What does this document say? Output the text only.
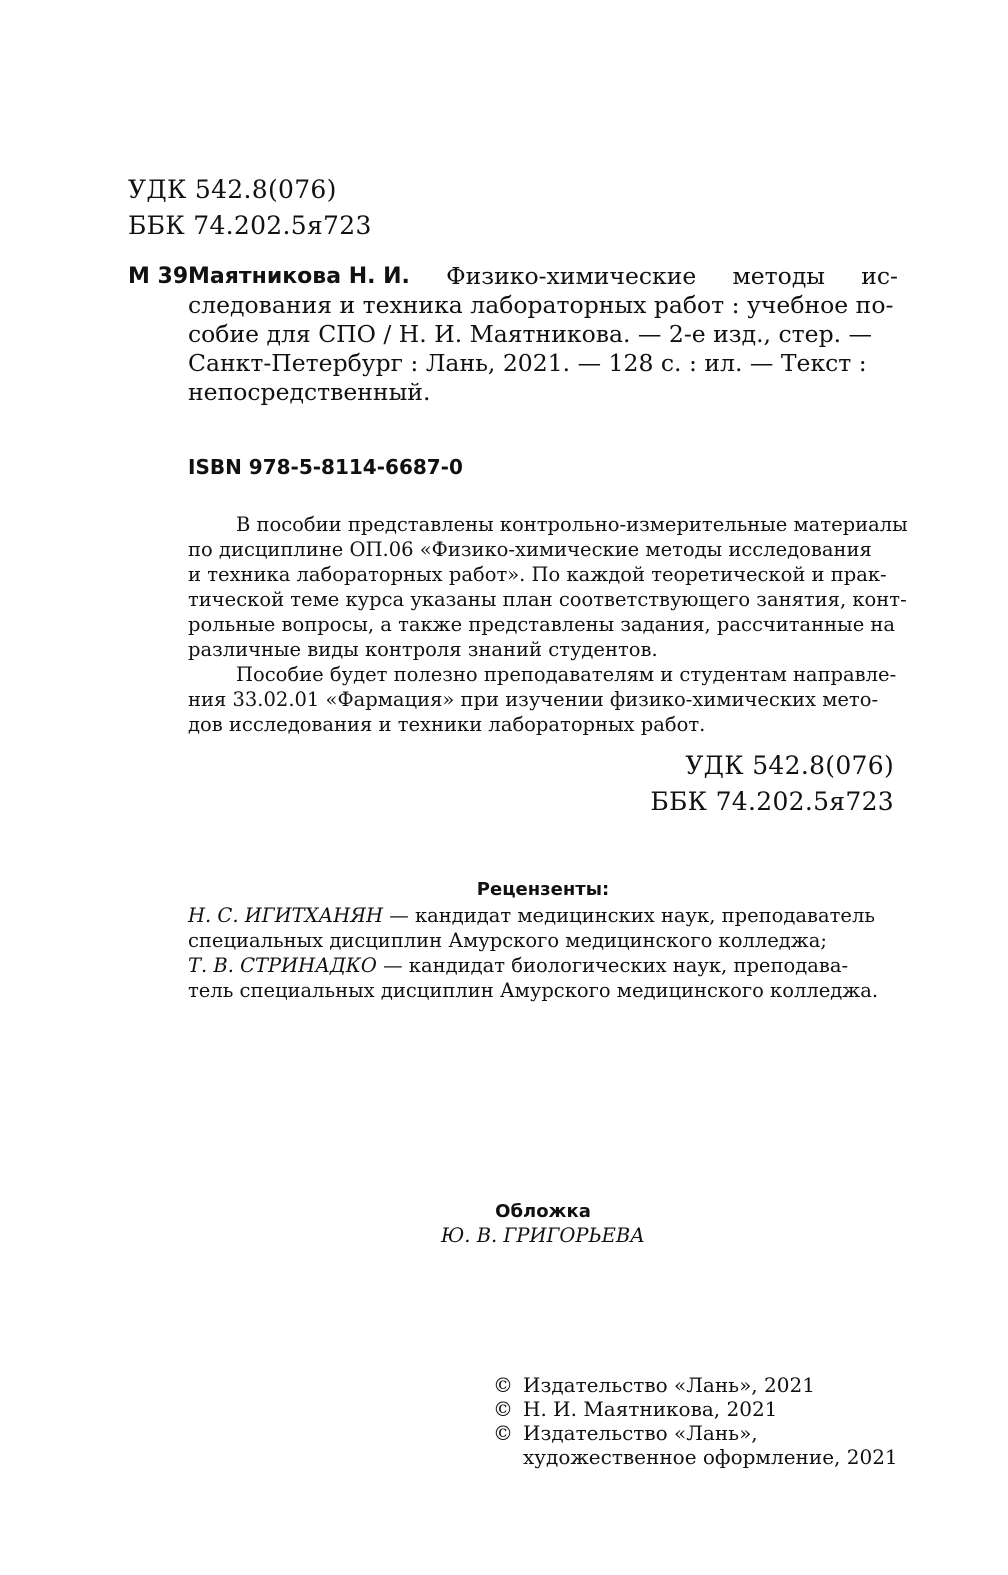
УДК 542.8(076)
ББК 74.202.5я723
М 39 Маятникова Н. И. Физико-химические методы ис-
следования и техника лабораторных работ : учебное по-
собие для СПО / Н. И. Маятникова. — 2-е изд., стер. —
Санкт-Петербург : Лань, 2021. — 128 с. : ил. — Текст :
непосредственный.
ISBN 978-5-8114-6687-0
В пособии представлены контрольно-измерительные материалы
по дисциплине ОП.06 «Физико-химические методы исследования
и техника лабораторных работ». По каждой теоретической и прак-
тической теме курса указаны план соответствующего занятия, конт-
рольные вопросы, а также представлены задания, рассчитанные на
различные виды контроля знаний студентов.
Пособие будет полезно преподавателям и студентам направле-
ния 33.02.01 «Фармация» при изучении физико-химических мето-
дов исследования и техники лабораторных работ.
УДК 542.8(076)
ББК 74.202.5я723
Рецензенты:
Н. С. ИГИТХАНЯН — кандидат медицинских наук, преподаватель
специальных дисциплин Амурского медицинского колледжа;
Т. В. СТРИНАДКО — кандидат биологических наук, преподава-
тель специальных дисциплин Амурского медицинского колледжа.
Обложка
Ю. В. ГРИГОРЬЕВА
© Издательство «Лань», 2021
© Н. И. Маятникова, 2021
© Издательство «Лань»,
художественное оформление, 2021
